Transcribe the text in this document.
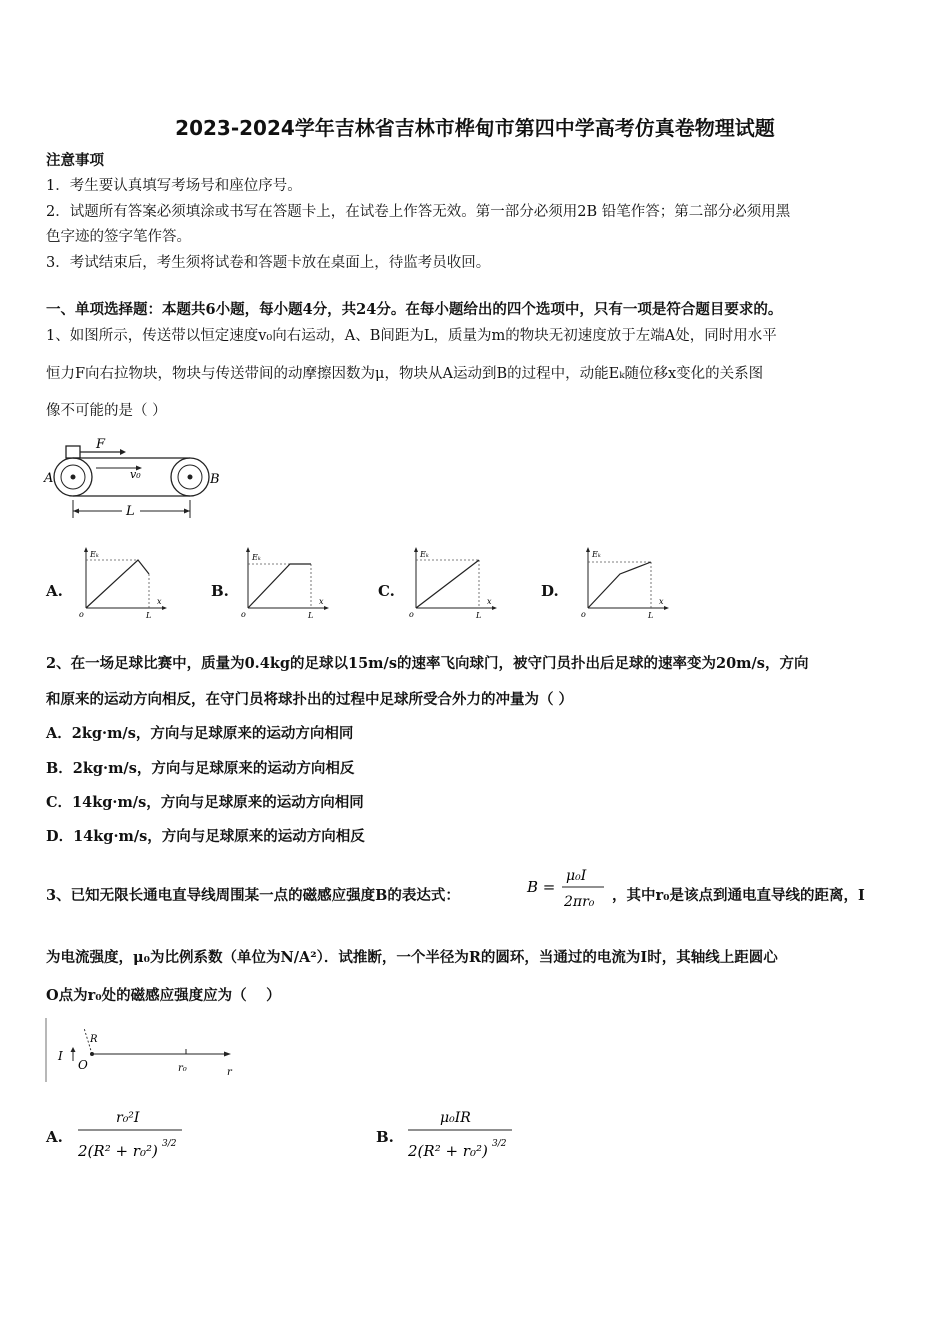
2023-2024学年吉林省吉林市桦甸市第四中学高考仿真卷物理试题
注意事项
1．考生要认真填写考场号和座位序号。
2．试题所有答案必须填涂或书写在答题卡上，在试卷上作答无效。第一部分必须用2B 铅笔作答；第二部分必须用黑
色字迹的签字笔作答。
3．考试结束后，考生须将试卷和答题卡放在桌面上，待监考员收回。
一、单项选择题：本题共6小题，每小题4分，共24分。在每小题给出的四个选项中，只有一项是符合题目要求的。
1、如图所示，传送带以恒定速度v₀向右运动，A、B间距为L，质量为m的物块无初速度放于左端A处，同时用水平
恒力F向右拉物块，物块与传送带间的动摩擦因数为μ，物块从A运动到B的过程中，动能Eₖ随位移x变化的关系图
像不可能的是（ ）
F
v₀
A	B
L
A.
Eₖ
x
o	L
B.
Eₖ
x
o	L
C.
Eₖ
x
o	L
D.
Eₖ
x
o	L
2、在一场足球比赛中，质量为0.4kg的足球以15m/s的速率飞向球门，被守门员扑出后足球的速率变为20m/s，方向
和原来的运动方向相反，在守门员将球扑出的过程中足球所受合外力的冲量为（ ）
A．2kg·m/s，方向与足球原来的运动方向相同
B．2kg·m/s，方向与足球原来的运动方向相反
C．14kg·m/s，方向与足球原来的运动方向相同
D．14kg·m/s，方向与足球原来的运动方向相反
3、已知无限长通电直导线周围某一点的磁感应强度B的表达式：	B =
μ₀I
2πr₀ ，其中r₀是该点到通电直导线的距离，I
为电流强度，μ₀为比例系数（单位为N/A²）．试推断，一个半径为R的圆环，当通过的电流为I时，其轴线上距圆心
O点为r₀处的磁感应强度应为（　 ）
I
O
R
r₀	r
A.
r₀²I
2(R² + r₀²) 3/2	B.
μ₀IR
2(R² + r₀²) 3/2
